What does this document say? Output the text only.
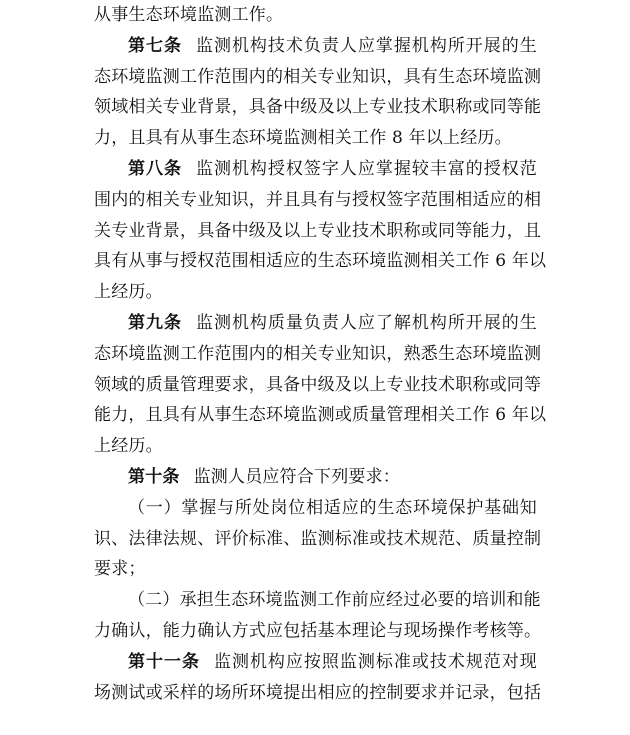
从事生态环境监测工作。
第七条 监测机构技术负责人应掌握机构所开展的生
态环境监测工作范围内的相关专业知识，具有生态环境监测
领域相关专业背景，具备中级及以上专业技术职称或同等能
力，且具有从事生态环境监测相关工作 8 年以上经历。
第八条 监测机构授权签字人应掌握较丰富的授权范
围内的相关专业知识，并且具有与授权签字范围相适应的相
关专业背景，具备中级及以上专业技术职称或同等能力，且
具有从事与授权范围相适应的生态环境监测相关工作 6 年以
上经历。
第九条 监测机构质量负责人应了解机构所开展的生
态环境监测工作范围内的相关专业知识，熟悉生态环境监测
领域的质量管理要求，具备中级及以上专业技术职称或同等
能力，且具有从事生态环境监测或质量管理相关工作 6 年以
上经历。
第十条 监测人员应符合下列要求：
（一）掌握与所处岗位相适应的生态环境保护基础知
识、法律法规、评价标准、监测标准或技术规范、质量控制
要求；
（二）承担生态环境监测工作前应经过必要的培训和能
力确认，能力确认方式应包括基本理论与现场操作考核等。
第十一条 监测机构应按照监测标准或技术规范对现
场测试或采样的场所环境提出相应的控制要求并记录，包括
